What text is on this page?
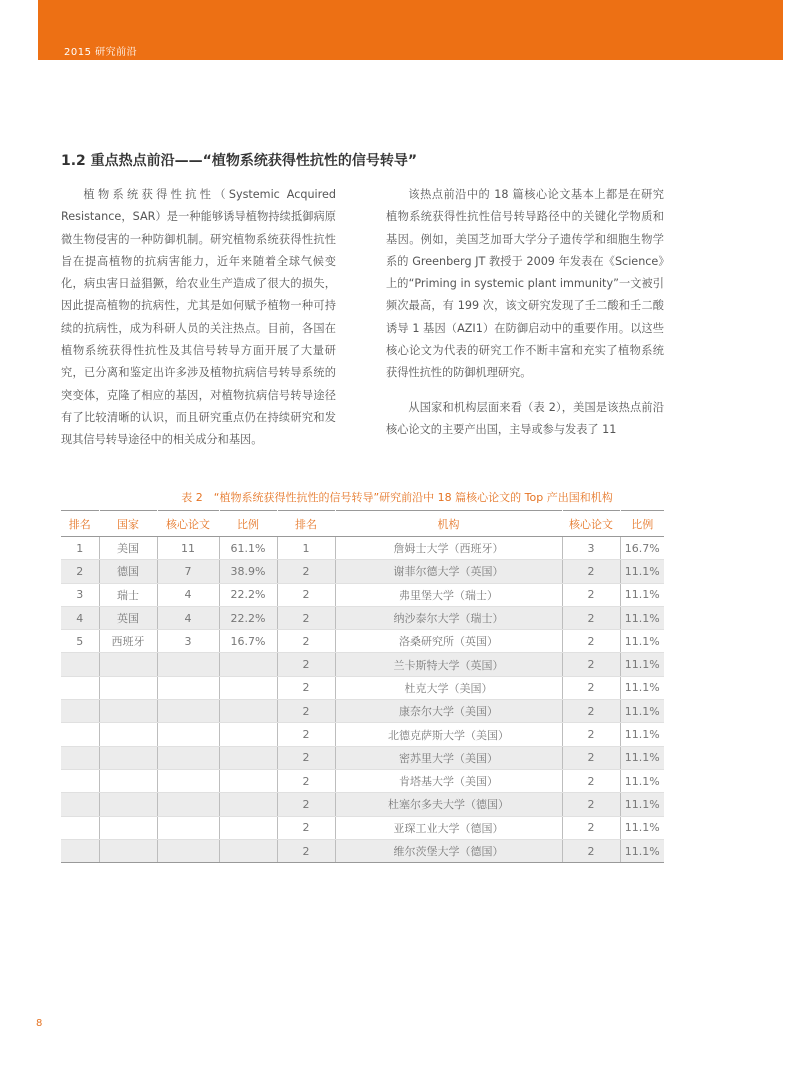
2015 研究前沿
1.2 重点热点前沿——“植物系统获得性抗性的信号转导”

植物系统获得性抗性（Systemic Acquired Resistance，SAR）是一种能够诱导植物持续抵御病原微生物侵害的一种防御机制。研究植物系统获得性抗性旨在提高植物的抗病害能力，近年来随着全球气候变化，病虫害日益猖獗，给农业生产造成了很大的损失，因此提高植物的抗病性，尤其是如何赋予植物一种可持续的抗病性，成为科研人员的关注热点。目前，各国在植物系统获得性抗性及其信号转导方面开展了大量研究，已分离和鉴定出许多涉及植物抗病信号转导系统的突变体，克隆了相应的基因，对植物抗病信号转导途径有了比较清晰的认识，而且研究重点仍在持续研究和发现其信号转导途径中的相关成分和基因。

该热点前沿中的 18 篇核心论文基本上都是在研究植物系统获得性抗性信号转导路径中的关键化学物质和基因。例如，美国芝加哥大学分子遗传学和细胞生物学系的 Greenberg JT 教授于 2009 年发表在《Science》上的“Priming in systemic plant immunity”一文被引频次最高，有 199 次，该文研究发现了壬二酸和壬二酸诱导 1 基因（AZI1）在防御启动中的重要作用。以这些核心论文为代表的研究工作不断丰富和充实了植物系统获得性抗性的防御机理研究。

从国家和机构层面来看（表 2），美国是该热点前沿核心论文的主要产出国，主导或参与发表了 11

表 2　“植物系统获得性抗性的信号转导”研究前沿中 18 篇核心论文的 Top 产出国和机构
排名	国家	核心论文	比例	排名	机构	核心论文	比例
1	美国	11	61.1%	1	詹姆士大学（西班牙）	3	16.7%
2	德国	7	38.9%	2	谢菲尔德大学（英国）	2	11.1%
3	瑞士	4	22.2%	2	弗里堡大学（瑞士）	2	11.1%
4	英国	4	22.2%	2	纳沙泰尔大学（瑞士）	2	11.1%
5	西班牙	3	16.7%	2	洛桑研究所（英国）	2	11.1%
				2	兰卡斯特大学（英国）	2	11.1%
				2	杜克大学（美国）	2	11.1%
				2	康奈尔大学（美国）	2	11.1%
				2	北德克萨斯大学（美国）	2	11.1%
				2	密苏里大学（美国）	2	11.1%
				2	肯塔基大学（美国）	2	11.1%
				2	杜塞尔多夫大学（德国）	2	11.1%
				2	亚琛工业大学（德国）	2	11.1%
				2	维尔茨堡大学（德国）	2	11.1%
8
